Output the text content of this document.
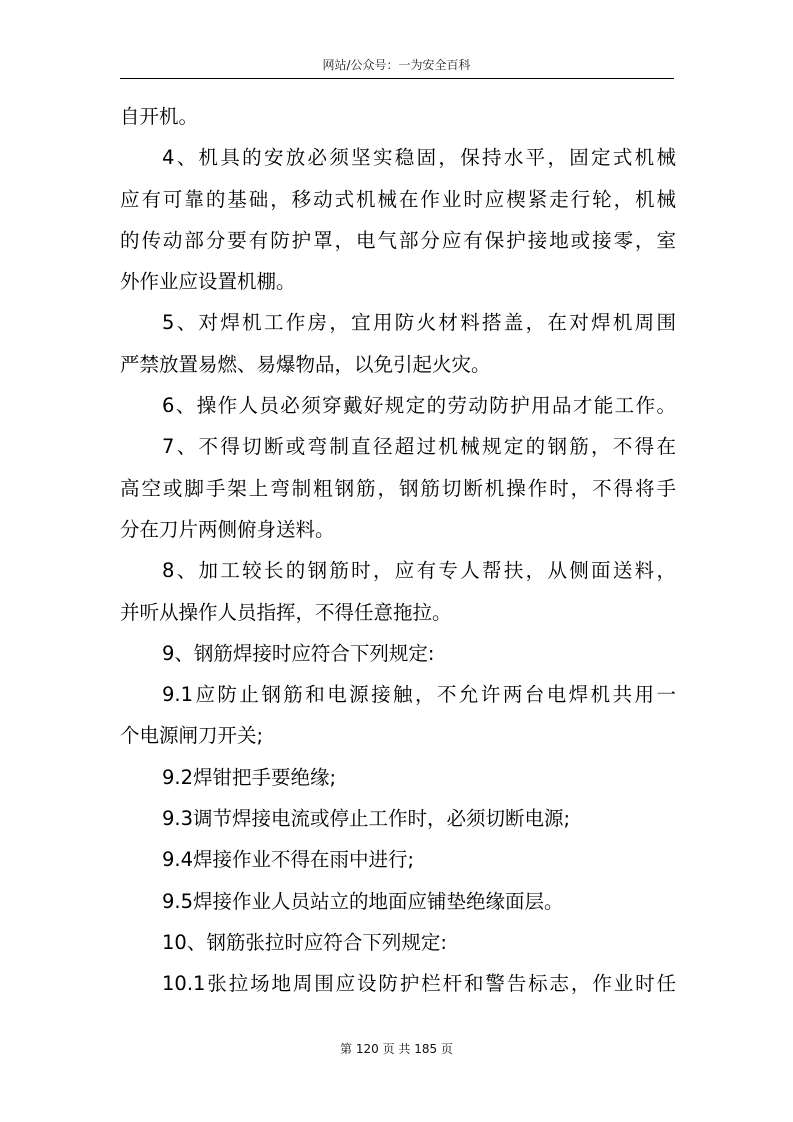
网站/公众号：一为安全百科
自开机。
4、机具的安放必须坚实稳固，保持水平，固定式机械
应有可靠的基础，移动式机械在作业时应楔紧走行轮，机械
的传动部分要有防护罩，电气部分应有保护接地或接零，室
外作业应设置机棚。
5、对焊机工作房，宜用防火材料搭盖，在对焊机周围
严禁放置易燃、易爆物品，以免引起火灾。
6、操作人员必须穿戴好规定的劳动防护用品才能工作。
7、不得切断或弯制直径超过机械规定的钢筋，不得在
高空或脚手架上弯制粗钢筋，钢筋切断机操作时，不得将手
分在刀片两侧俯身送料。
8、加工较长的钢筋时，应有专人帮扶，从侧面送料，
并听从操作人员指挥，不得任意拖拉。
9、钢筋焊接时应符合下列规定:
9.1应防止钢筋和电源接触，不允许两台电焊机共用一
个电源闸刀开关;
9.2焊钳把手要绝缘;
9.3调节焊接电流或停止工作时，必须切断电源;
9.4焊接作业不得在雨中进行;
9.5焊接作业人员站立的地面应铺垫绝缘面层。
10、钢筋张拉时应符合下列规定:
10.1张拉场地周围应设防护栏杆和警告标志，作业时任
第 120 页 共 185 页
